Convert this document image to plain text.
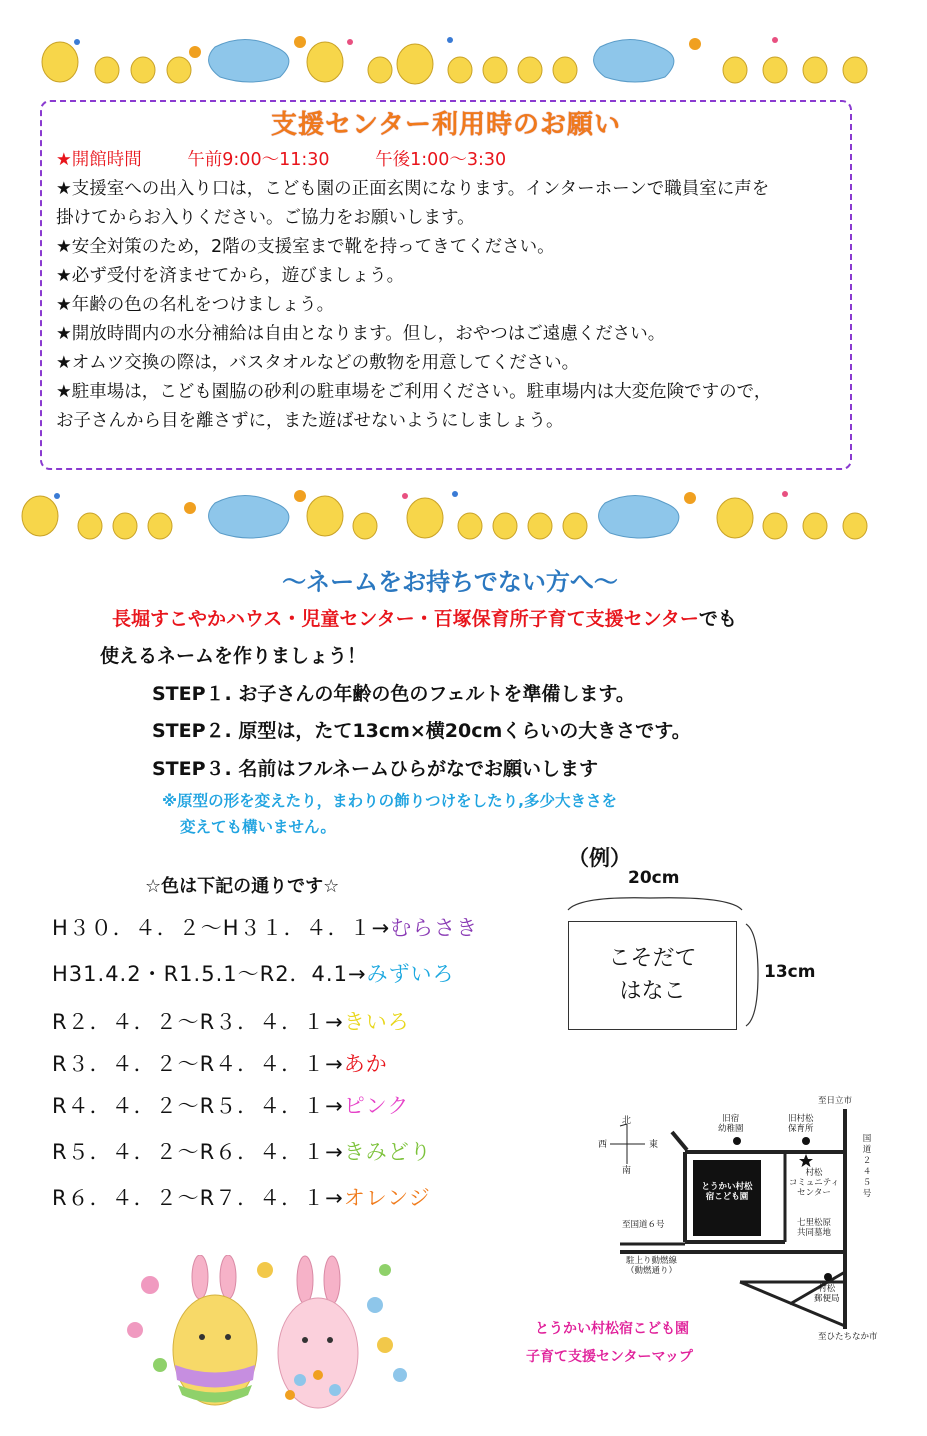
支援センター利用時のお願い
★開館時間	午前9:00～11:30	午後1:00～3:30
★支援室への出入り口は，こども園の正面玄関になります。インターホーンで職員室に声を
掛けてからお入りください。ご協力をお願いします。
★安全対策のため，2階の支援室まで靴を持ってきてください。
★必ず受付を済ませてから，遊びましょう。
★年齢の色の名札をつけましょう。
★開放時間内の水分補給は自由となります。但し，おやつはご遠慮ください。
★オムツ交換の際は，バスタオルなどの敷物を用意してください。
★駐車場は，こども園脇の砂利の駐車場をご利用ください。駐車場内は大変危険ですので，
お子さんから目を離さずに，また遊ばせないようにしましょう。
～ネームをお持ちでない方へ～
長堀すこやかハウス・児童センター・百塚保育所子育て支援センターでも
使えるネームを作りましょう！
STEP１. お子さんの年齢の色のフェルトを準備します。
STEP２. 原型は，たて13cm×横20cmくらいの大きさです。
STEP３. 名前はフルネームひらがなでお願いします
※原型の形を変えたり，まわりの飾りつけをしたり,多少大きさを
変えても構いません。
☆色は下記の通りです☆
H３０．４．２～H３１．４．１→むらさき
H31.4.2・R1.5.1～R2．4.1→みずいろ
R２．４．２～R３．４．１→きいろ
R３．４．２～R４．４．１→あか
R４．４．２～R５．４．１→ピンク
R５．４．２～R６．４．１→きみどり
R６．４．２～R７．４．１→オレンジ
（例）
20cm
13cm
こそだて
はなこ
北
南
東
西
旧宿
幼稚園
旧村松
保育所
とうかい村松
宿こども園
村松
コミュニティ
センター
七里松原
共同墓地
至日立市
国道２４５号
至国道６号
駐上り動燃線
（動燃通り）
村松
郵便局
至ひたちなか市
とうかい村松宿こども園
子育て支援センターマップ
